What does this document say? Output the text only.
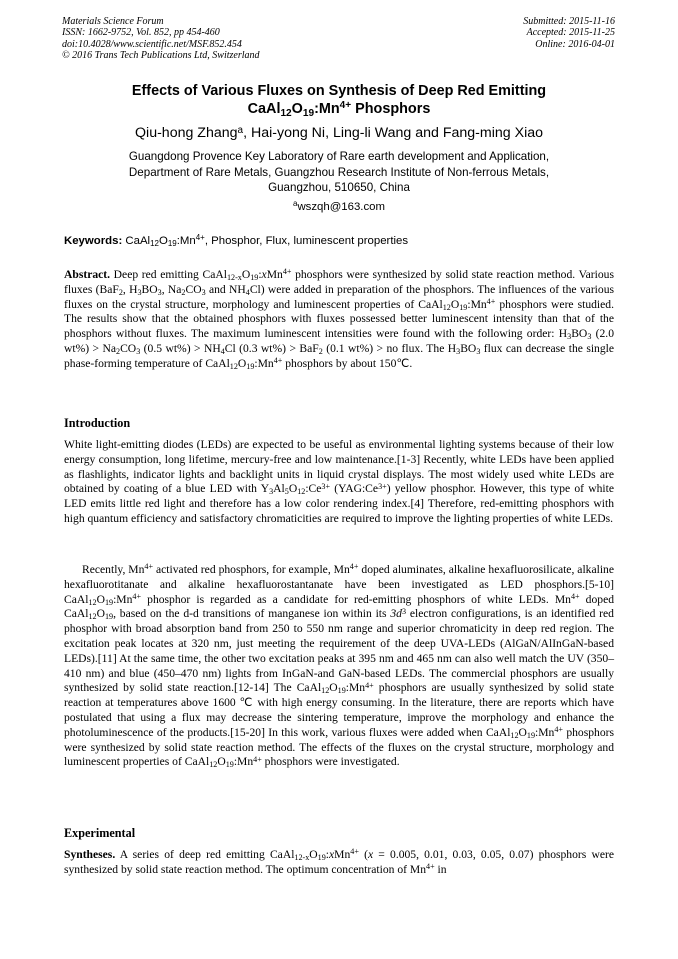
Materials Science Forum
ISSN: 1662-9752, Vol. 852, pp 454-460
doi:10.4028/www.scientific.net/MSF.852.454
© 2016 Trans Tech Publications Ltd, Switzerland
Submitted: 2015-11-16
Accepted: 2015-11-25
Online: 2016-04-01
Effects of Various Fluxes on Synthesis of Deep Red Emitting
$CaAl_{12}O_{19}:Mn^{4+}$ Phosphors
Qiu-hong Zhang$^a$, Hai-yong Ni, Ling-li Wang and Fang-ming Xiao
Guangdong Provence Key Laboratory of Rare earth development and Application,
Department of Rare Metals, Guangzhou Research Institute of Non-ferrous Metals,
Guangzhou, 510650, China
$^a$wszqh@163.com
Keywords: $CaAl_{12}O_{19}:Mn^{4+}$, Phosphor, Flux, luminescent properties
Abstract. Deep red emitting $CaAl_{12-x}O_{19}:xMn^{4+}$ phosphors were synthesized by solid state reaction method. Various fluxes (BaF$_2$, $H_3BO_3$, $Na_2CO_3$ and $NH_4Cl$) were added in preparation of the phosphors. The influences of the various fluxes on the crystal structure, morphology and luminescent properties of $CaAl_{12}O_{19}:Mn^{4+}$ phosphors were studied. The results show that the obtained phosphors with fluxes possessed better luminescent intensity than that of the phosphors without fluxes. The maximum luminescent intensities were found with the following order: $H_3BO_3$ (2.0 $wt\%) > Na_2CO_3$ (0.5 $wt\%) > NH_4Cl$ (0.3 wt%) > BaF$_2$ (0.1 wt%) > no flux. The $H_3BO_3$ flux can decrease the single phase-forming temperature of $CaAl_{12}O_{19}:Mn^{4+}$ phosphors by about 150℃.
Introduction
White light-emitting diodes (LEDs) are expected to be useful as environmental lighting systems because of their low energy consumption, long lifetime, mercury-free and low maintenance.[1-3] Recently, white LEDs have been applied as flashlights, indicator lights and backlight units in liquid crystal displays. The most widely used white LEDs are obtained by coating of a blue LED with $Y_3Al_5O_{12}:Ce^{3+}$ $(YAG:Ce^{3+})$ yellow phosphor. However, this type of white LED emits little red light and therefore has a low color rendering index.[4] Therefore, red-emitting phosphors with high quantum efficiency and satisfactory chromaticities are required to improve the lighting properties of white LEDs.
Recently, $Mn^{4+}$ activated red phosphors, for example, $Mn^{4+}$ doped aluminates, alkaline hexafluorosilicate, alkaline hexafluorotitanate and alkaline hexafluorostantanate have been investigated as LED phosphors.[5-10] $CaAl_{12}O_{19}:Mn^{4+}$ phosphor is regarded as a candidate for red-emitting phosphors of white LEDs. $Mn^{4+}$ doped $CaAl_{12}O_{19}$, based on the d-d transitions of manganese ion within its $3d^3$ electron configurations, is an identified red phosphor with broad absorption band from 250 to 550 nm range and superior chromaticity in deep red region. The excitation peak locates at 320 nm, just meeting the requirement of the deep UVA-LEDs (AlGaN/AlInGaN-based LEDs).[11] At the same time, the other two excitation peaks at 395 nm and 465 nm can also well match the UV (350–410 nm) and blue (450–470 nm) lights from InGaN-and GaN-based LEDs. The commercial phosphors are usually synthesized by solid state reaction.[12-14] The $CaAl_{12}O_{19}:Mn^{4+}$ phosphors are usually synthesized by solid state reaction at temperatures above 1600 ℃ with high energy consuming. In the literature, there are reports which have postulated that using a flux may decrease the sintering temperature, improve the morphology and enhance the photoluminescence of the products.[15-20] In this work, various fluxes were added when $CaAl_{12}O_{19}:Mn^{4+}$ phosphors were synthesized by solid state reaction method. The effects of the fluxes on the crystal structure, morphology and luminescent properties of $CaAl_{12}O_{19}:Mn^{4+}$ phosphors were investigated.
Experimental
Syntheses. A series of deep red emitting $CaAl_{12-x}O_{19}:xMn^{4+}$ (x = 0.005, 0.01, 0.03, 0.05, 0.07) phosphors were synthesized by solid state reaction method. The optimum concentration of $Mn^{4+}$ in
